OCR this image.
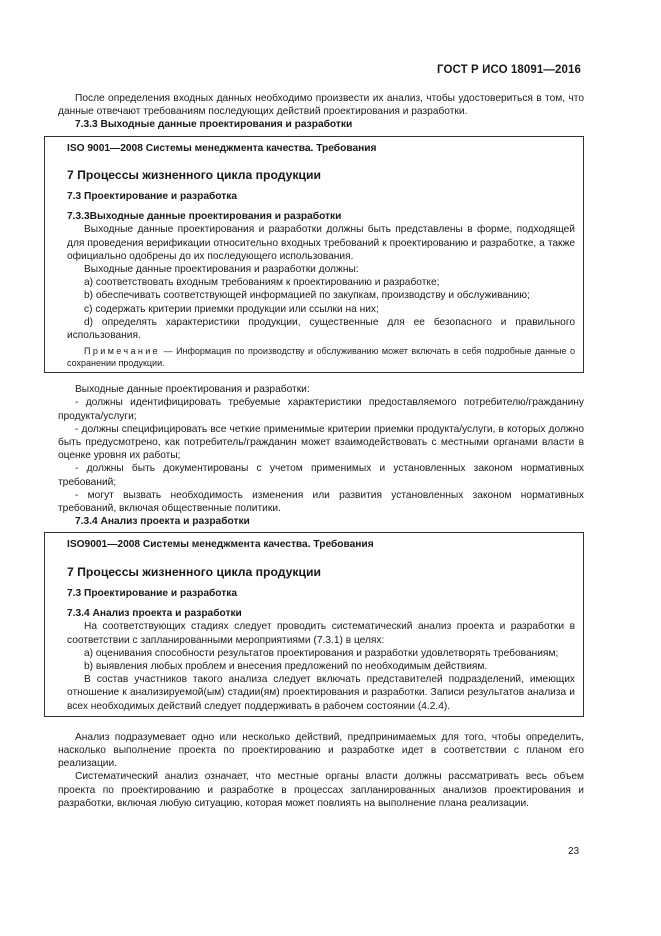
ГОСТ Р ИСО 18091—2016

После определения входных данных необходимо произвести их анализ, чтобы удостовериться в том, что данные отвечают требованиям последующих действий проектирования и разработки.

7.3.3 Выходные данные проектирования и разработки

ISO 9001—2008 Системы менеджмента качества. Требования

7 Процессы жизненного цикла продукции

7.3 Проектирование и разработка

7.3.3Выходные данные проектирования и разработки

Выходные данные проектирования и разработки должны быть представлены в форме, подходящей для проведения верификации относительно входных требований к проектированию и разработке, а также официально одобрены до их последующего использования.

Выходные данные проектирования и разработки должны:

a) соответствовать входным требованиям к проектированию и разработке;

b) обеспечивать соответствующей информацией по закупкам, производству и обслуживанию;

c) содержать критерии приемки продукции или ссылки на них;

d) определять характеристики продукции, существенные для ее безопасного и правильного использования.

Примечание — Информация по производству и обслуживанию может включать в себя подробные данные о сохранении продукции.

Выходные данные проектирования и разработки:

- должны идентифицировать требуемые характеристики предоставляемого потребителю/гражданину продукта/услуги;

- должны специфицировать все четкие применимые критерии приемки продукта/услуги, в которых должно быть предусмотрено, как потребитель/гражданин может взаимодействовать с местными органами власти в оценке уровня их работы;

- должны быть документированы с учетом применимых и установленных законом нормативных требований;

- могут вызвать необходимость изменения или развития установленных законом нормативных требований, включая общественные политики.

7.3.4 Анализ проекта и разработки

ISO9001—2008 Системы менеджмента качества. Требования

7 Процессы жизненного цикла продукции

7.3 Проектирование и разработка

7.3.4 Анализ проекта и разработки

На соответствующих стадиях следует проводить систематический анализ проекта и разработки в соответствии с запланированными мероприятиями (7.3.1) в целях:

a) оценивания способности результатов проектирования и разработки удовлетворять требованиям;

b) выявления любых проблем и внесения предложений по необходимым действиям.

В состав участников такого анализа следует включать представителей подразделений, имеющих отношение к анализируемой(ым) стадии(ям) проектирования и разработки. Записи результатов анализа и всех необходимых действий следует поддерживать в рабочем состоянии (4.2.4).

Анализ подразумевает одно или несколько действий, предпринимаемых для того, чтобы определить, насколько выполнение проекта по проектированию и разработке идет в соответствии с планом его реализации.

Систематический анализ означает, что местные органы власти должны рассматривать весь объем проекта по проектированию и разработке в процессах запланированных анализов проектирования и разработки, включая любую ситуацию, которая может повлиять на выполнение плана реализации.

23
